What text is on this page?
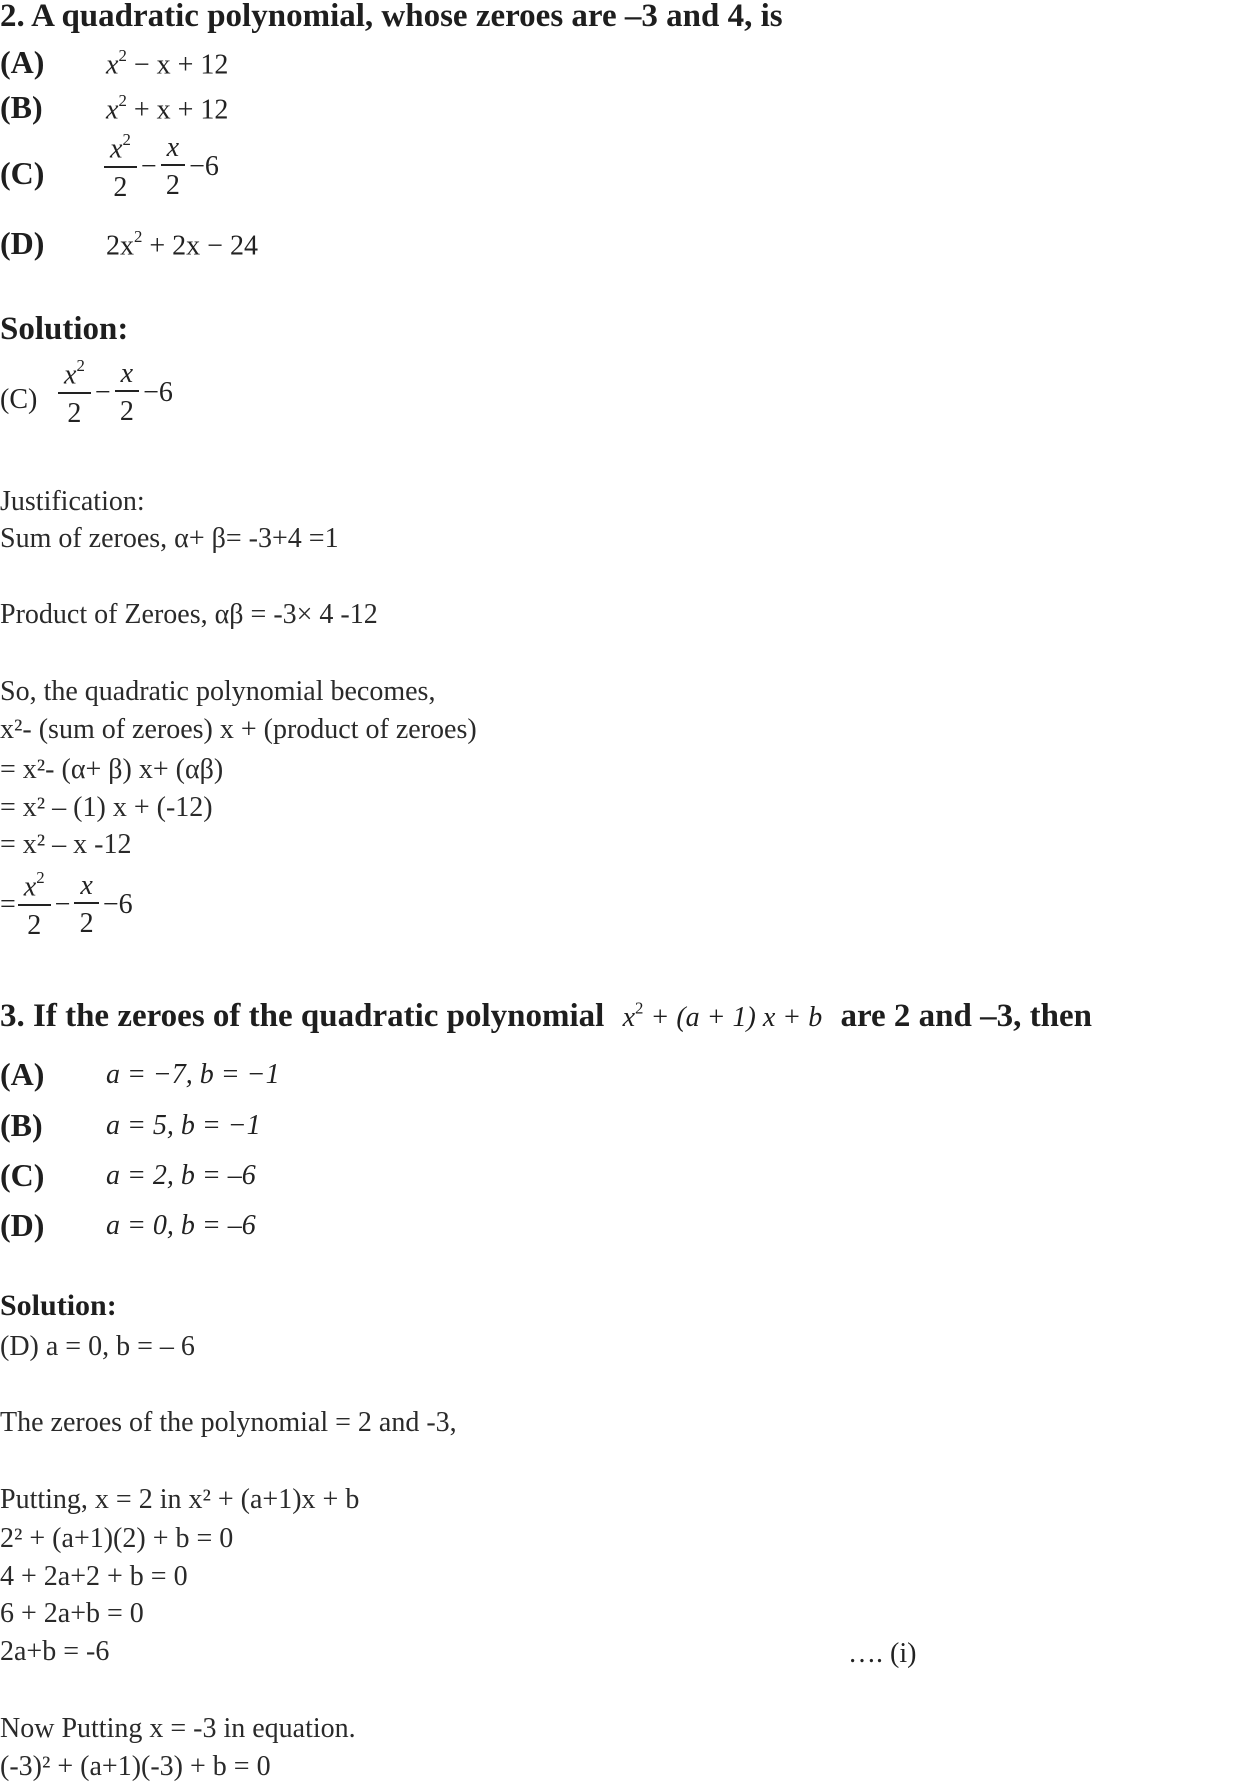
2. A quadratic polynomial, whose zeroes are –3 and 4, is
(A) $x^2 - x + 12$
(B) $x^2 + x + 12$
$(C) \frac{x^2}{2} - \frac{x}{2} -6$
(D) $2x^2 + 2x - 24$
Solution:
$(C) \frac{x^2}{2} - \frac{x}{2} -6$
Justification:
Sum of zeroes, α+ β= -3+4 =1
Product of Zeroes, αβ = -3× 4 -12
So, the quadratic polynomial becomes,
x²- (sum of zeroes) x + (product of zeroes)
= x²- (α+ β) x+ (αβ)
= x² – (1) x + (-12)
= x² – x -12
= $\frac{x^2}{2} - \frac{x}{2} -6$
3. If the zeroes of the quadratic polynomial $x^2 + (a + 1) x + b$ are 2 and –3, then
(A) a = −7, b = −1
(B) a = 5, b = −1
(C) a = 2, b = –6
(D) a = 0, b = –6
Solution:
(D) a = 0, b = – 6
The zeroes of the polynomial = 2 and -3,
Putting, x = 2 in x² + (a+1)x + b
2² + (a+1)(2) + b = 0
4 + 2a+2 + b = 0
6 + 2a+b = 0
2a+b = -6	…. (i)
Now Putting x = -3 in equation.
(-3)² + (a+1)(-3) + b = 0
